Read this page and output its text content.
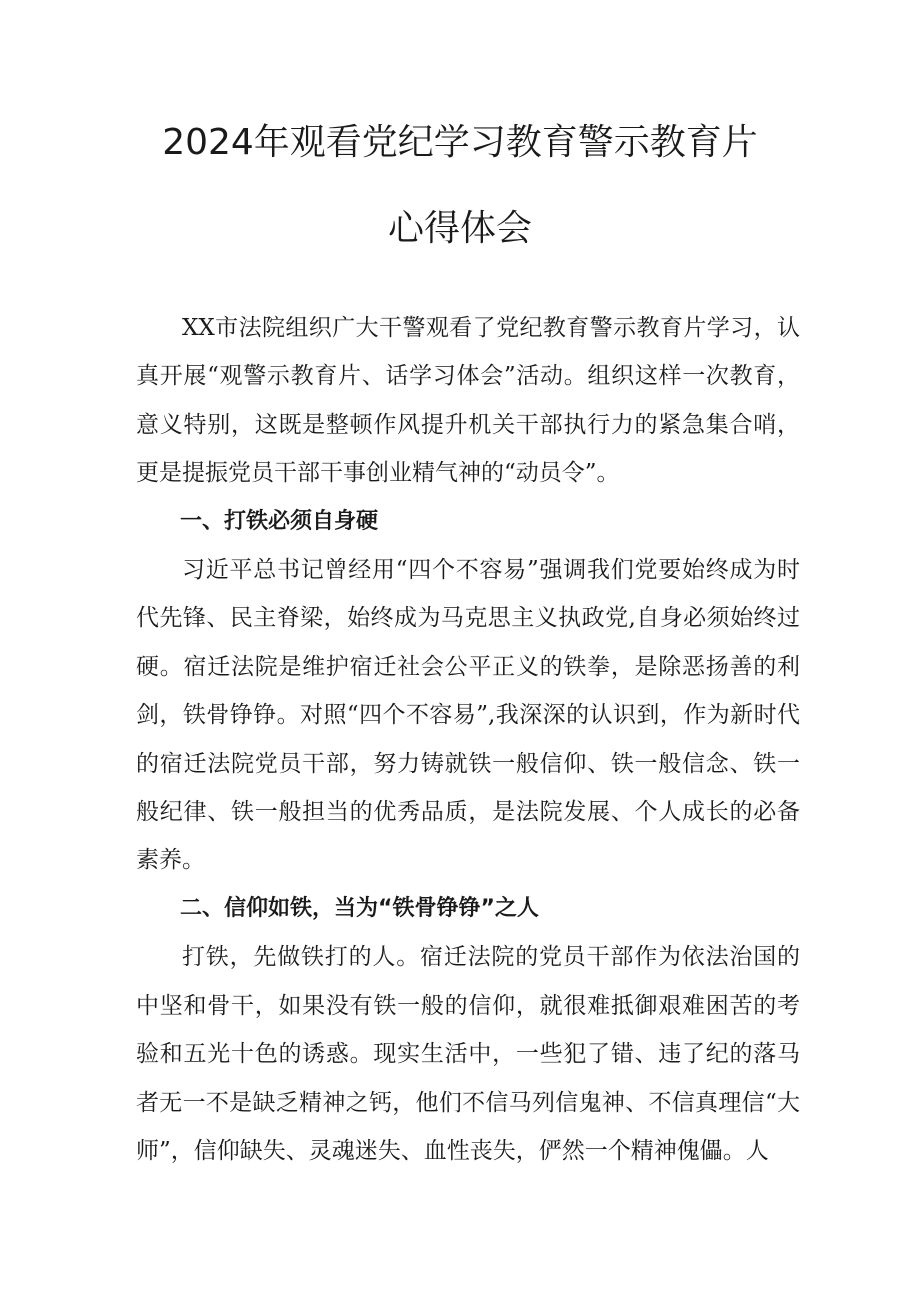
2024年观看党纪学习教育警示教育片
心得体会

XX市法院组织广大干警观看了党纪教育警示教育片学习，认真开展“观警示教育片、话学习体会”活动。组织这样一次教育，意义特别，这既是整顿作风提升机关干部执行力的紧急集合哨，更是提振党员干部干事创业精气神的“动员令”。

一、打铁必须自身硬

习近平总书记曾经用“四个不容易”强调我们党要始终成为时代先锋、民主脊梁，始终成为马克思主义执政党,自身必须始终过硬。宿迁法院是维护宿迁社会公平正义的铁拳，是除恶扬善的利剑，铁骨铮铮。对照“四个不容易”,我深深的认识到，作为新时代的宿迁法院党员干部，努力铸就铁一般信仰、铁一般信念、铁一般纪律、铁一般担当的优秀品质，是法院发展、个人成长的必备素养。

二、信仰如铁，当为“铁骨铮铮”之人

打铁，先做铁打的人。宿迁法院的党员干部作为依法治国的中坚和骨干，如果没有铁一般的信仰，就很难抵御艰难困苦的考验和五光十色的诱惑。现实生活中，一些犯了错、违了纪的落马者无一不是缺乏精神之钙，他们不信马列信鬼神、不信真理信“大师”，信仰缺失、灵魂迷失、血性丧失，俨然一个精神傀儡。人
